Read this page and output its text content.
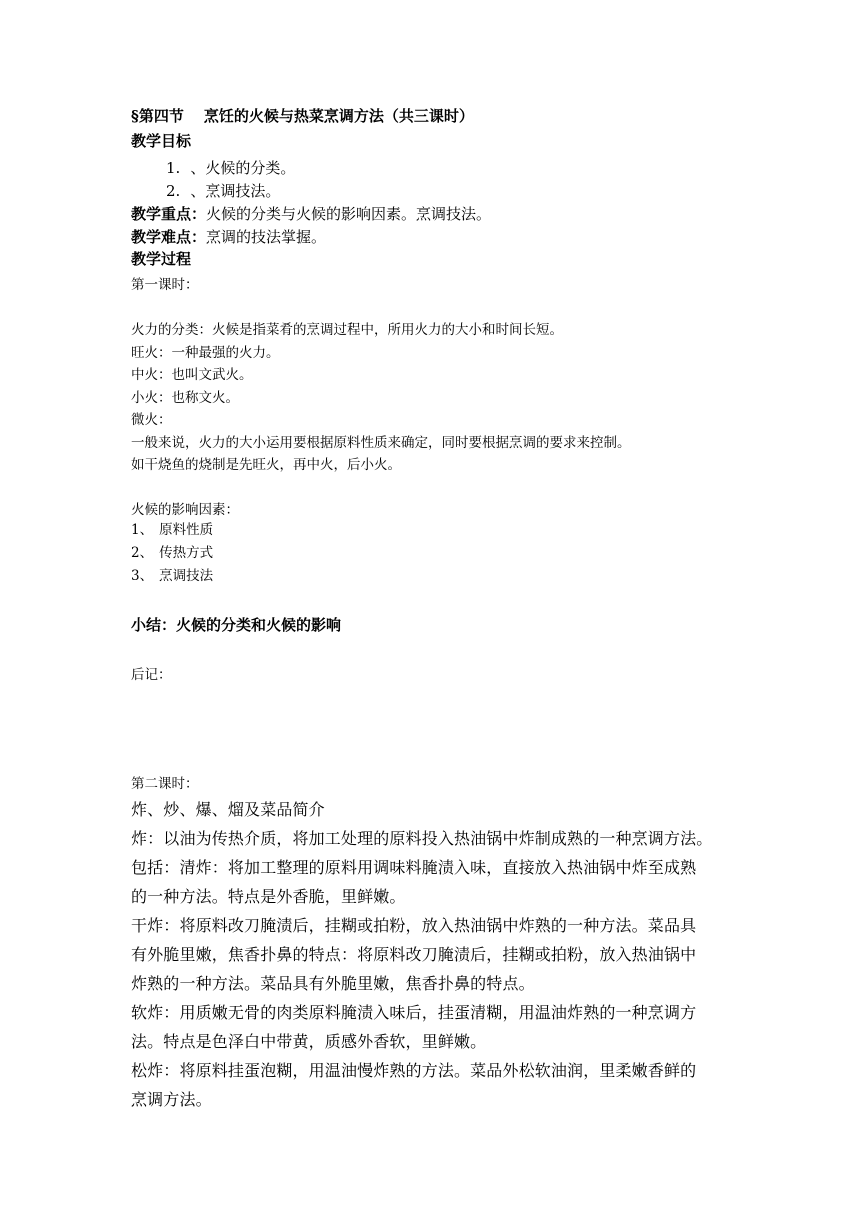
§第四节 烹饪的火候与热菜烹调方法（共三课时）
教学目标
1. 、火候的分类。
2. 、烹调技法。
教学重点：火候的分类与火候的影响因素。烹调技法。
教学难点：烹调的技法掌握。
教学过程
第一课时：
火力的分类：火候是指菜肴的烹调过程中，所用火力的大小和时间长短。
旺火：一种最强的火力。
中火：也叫文武火。
小火：也称文火。
微火：
一般来说，火力的大小运用要根据原料性质来确定，同时要根据烹调的要求来控制。
如干烧鱼的烧制是先旺火，再中火，后小火。
火候的影响因素：
1、 原料性质
2、 传热方式
3、 烹调技法
小结：火候的分类和火候的影响
后记：
第二课时：
炸、炒、爆、熘及菜品简介
炸：以油为传热介质，将加工处理的原料投入热油锅中炸制成熟的一种烹调方法。
包括：清炸：将加工整理的原料用调味料腌渍入味，直接放入热油锅中炸至成熟
的一种方法。特点是外香脆，里鲜嫩。
干炸：将原料改刀腌渍后，挂糊或拍粉，放入热油锅中炸熟的一种方法。菜品具
有外脆里嫩，焦香扑鼻的特点：将原料改刀腌渍后，挂糊或拍粉，放入热油锅中
炸熟的一种方法。菜品具有外脆里嫩，焦香扑鼻的特点。
软炸：用质嫩无骨的肉类原料腌渍入味后，挂蛋清糊，用温油炸熟的一种烹调方
法。特点是色泽白中带黄，质感外香软，里鲜嫩。
松炸：将原料挂蛋泡糊，用温油慢炸熟的方法。菜品外松软油润，里柔嫩香鲜的
烹调方法。
